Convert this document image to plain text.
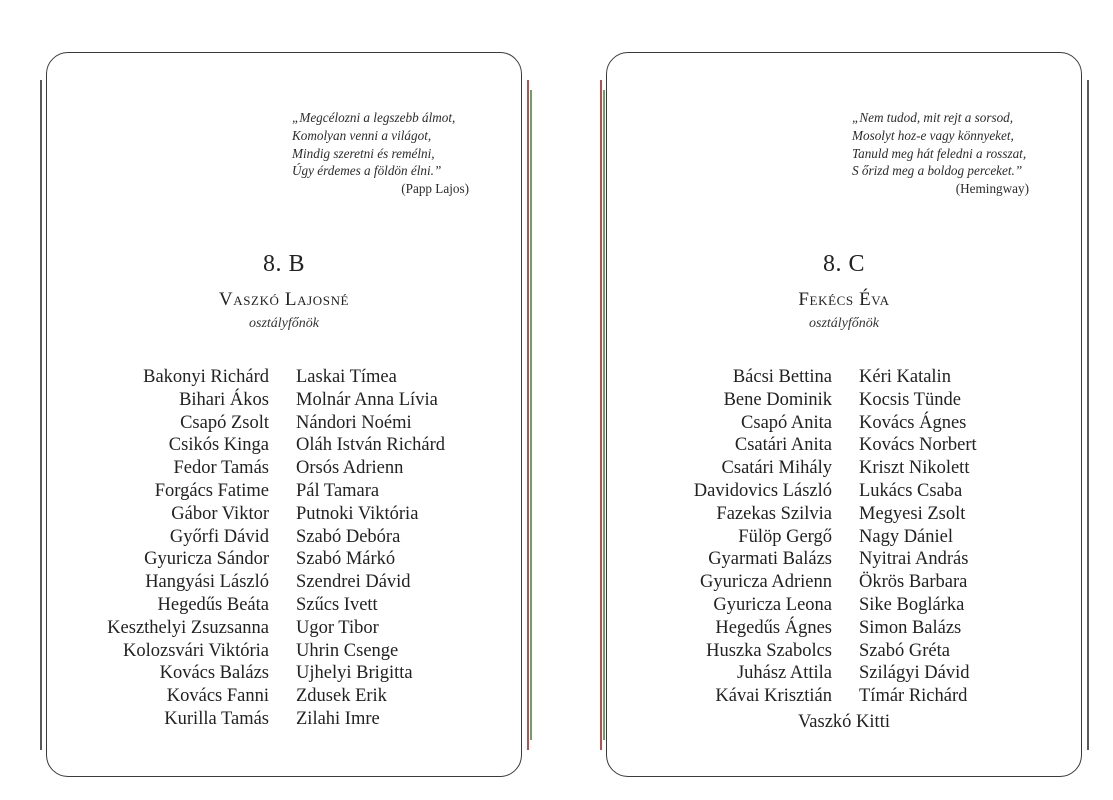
„Megcélozni a legszebb álmot,
Komolyan venni a világot,
Mindig szeretni és remélni,
Úgy érdemes a földön élni.”
(Papp Lajos)
8. B
Vaszkó Lajosné
osztályfőnök
Bakonyi Richárd
Bihari Ákos
Csapó Zsolt
Csikós Kinga
Fedor Tamás
Forgács Fatime
Gábor Viktor
Győrfi Dávid
Gyuricza Sándor
Hangyási László
Hegedűs Beáta
Keszthelyi Zsuzsanna
Kolozsvári Viktória
Kovács Balázs
Kovács Fanni
Kurilla Tamás
Laskai Tímea
Molnár Anna Lívia
Nándori Noémi
Oláh István Richárd
Orsós Adrienn
Pál Tamara
Putnoki Viktória
Szabó Debóra
Szabó Márkó
Szendrei Dávid
Szűcs Ivett
Ugor Tibor
Uhrin Csenge
Ujhelyi Brigitta
Zdusek Erik
Zilahi Imre
„Nem tudod, mit rejt a sorsod,
Mosolyt hoz-e vagy könnyeket,
Tanuld meg hát feledni a rosszat,
S őrizd meg a boldog perceket.”
(Hemingway)
8. C
Fekécs Éva
osztályfőnök
Bácsi Bettina
Bene Dominik
Csapó Anita
Csatári Anita
Csatári Mihály
Davidovics László
Fazekas Szilvia
Fülöp Gergő
Gyarmati Balázs
Gyuricza Adrienn
Gyuricza Leona
Hegedűs Ágnes
Huszka Szabolcs
Juhász Attila
Kávai Krisztián
Kéri Katalin
Kocsis Tünde
Kovács Ágnes
Kovács Norbert
Kriszt Nikolett
Lukács Csaba
Megyesi Zsolt
Nagy Dániel
Nyitrai András
Ökrös Barbara
Sike Boglárka
Simon Balázs
Szabó Gréta
Szilágyi Dávid
Tímár Richárd
Vaszkó Kitti
